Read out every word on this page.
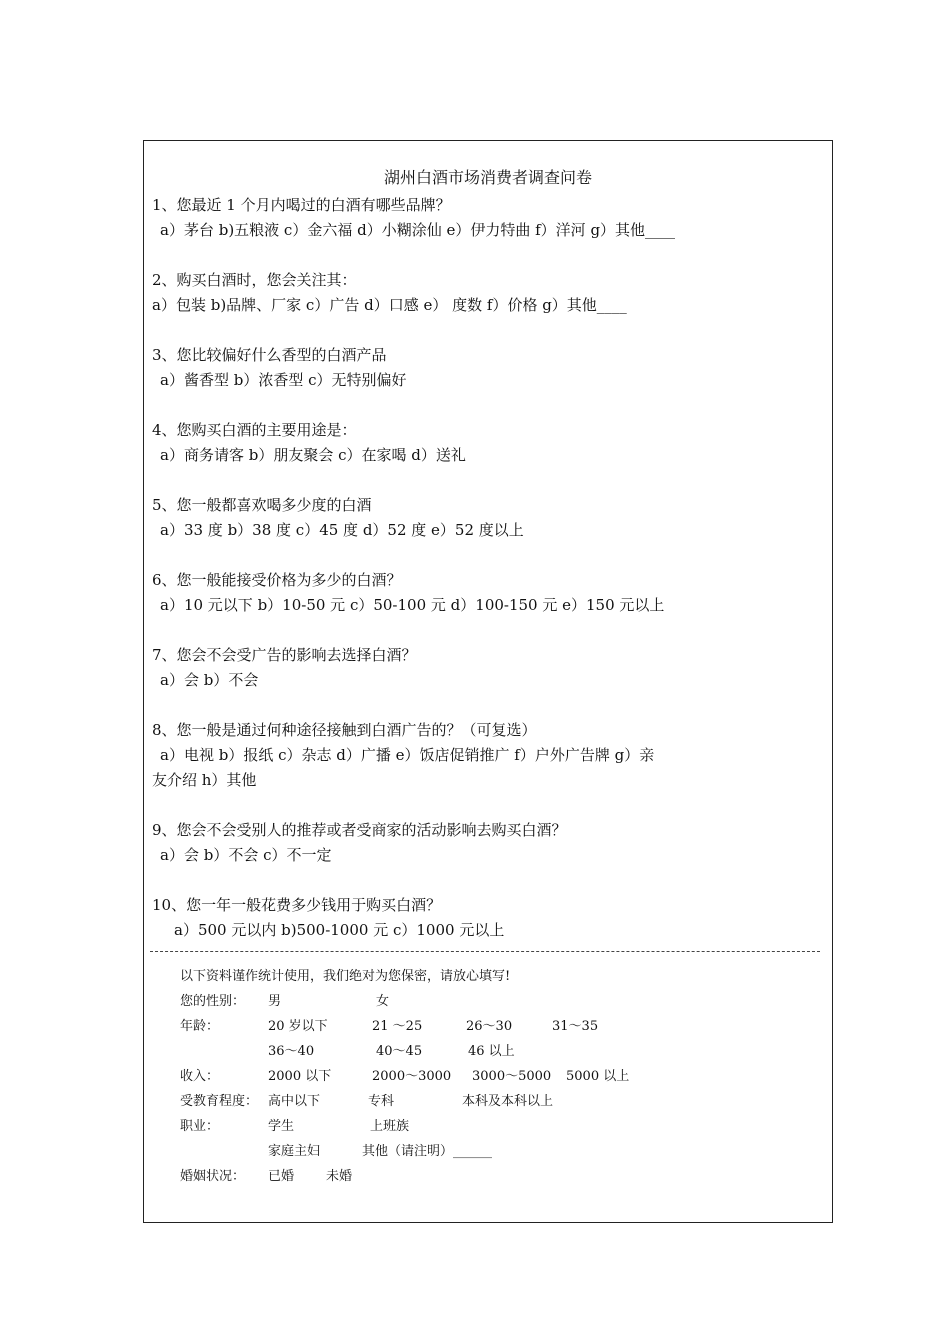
湖州白酒市场消费者调查问卷
1、您最近 1 个月内喝过的白酒有哪些品牌？
a）茅台 b)五粮液 c）金六福 d）小糊涂仙 e）伊力特曲 f）洋河 g）其他____
2、购买白酒时，您会关注其：
a）包装 b)品牌、厂家 c）广告 d）口感 e） 度数 f）价格 g）其他____
3、您比较偏好什么香型的白酒产品
a）酱香型 b）浓香型 c）无特别偏好
4、您购买白酒的主要用途是：
a）商务请客 b）朋友聚会 c）在家喝 d）送礼
5、您一般都喜欢喝多少度的白酒
a）33 度 b）38 度 c）45 度 d）52 度 e）52 度以上
6、您一般能接受价格为多少的白酒？
a）10 元以下 b）10-50 元 c）50-100 元 d）100-150 元 e）150 元以上
7、您会不会受广告的影响去选择白酒？
a）会 b）不会
8、您一般是通过何种途径接触到白酒广告的？（可复选）
a）电视 b）报纸 c）杂志 d）广播 e）饭店促销推广 f）户外广告牌 g）亲
友介绍 h）其他
9、您会不会受别人的推荐或者受商家的活动影响去购买白酒？
a）会 b）不会 c）不一定
10、您一年一般花费多少钱用于购买白酒？
a）500 元以内 b)500-1000 元 c）1000 元以上
以下资料谨作统计使用，我们绝对为您保密，请放心填写!
您的性别： 男	女
年龄：	20 岁以下	21 ～25	26～30	31～35
36～40	40～45	46 以上
收入：	2000 以下	2000～3000 3000～5000 5000 以上
受教育程度： 高中以下	专科	本科及本科以上
职业：	学生	上班族
家庭主妇	其他（请注明）______
婚姻状况： 已婚 未婚
